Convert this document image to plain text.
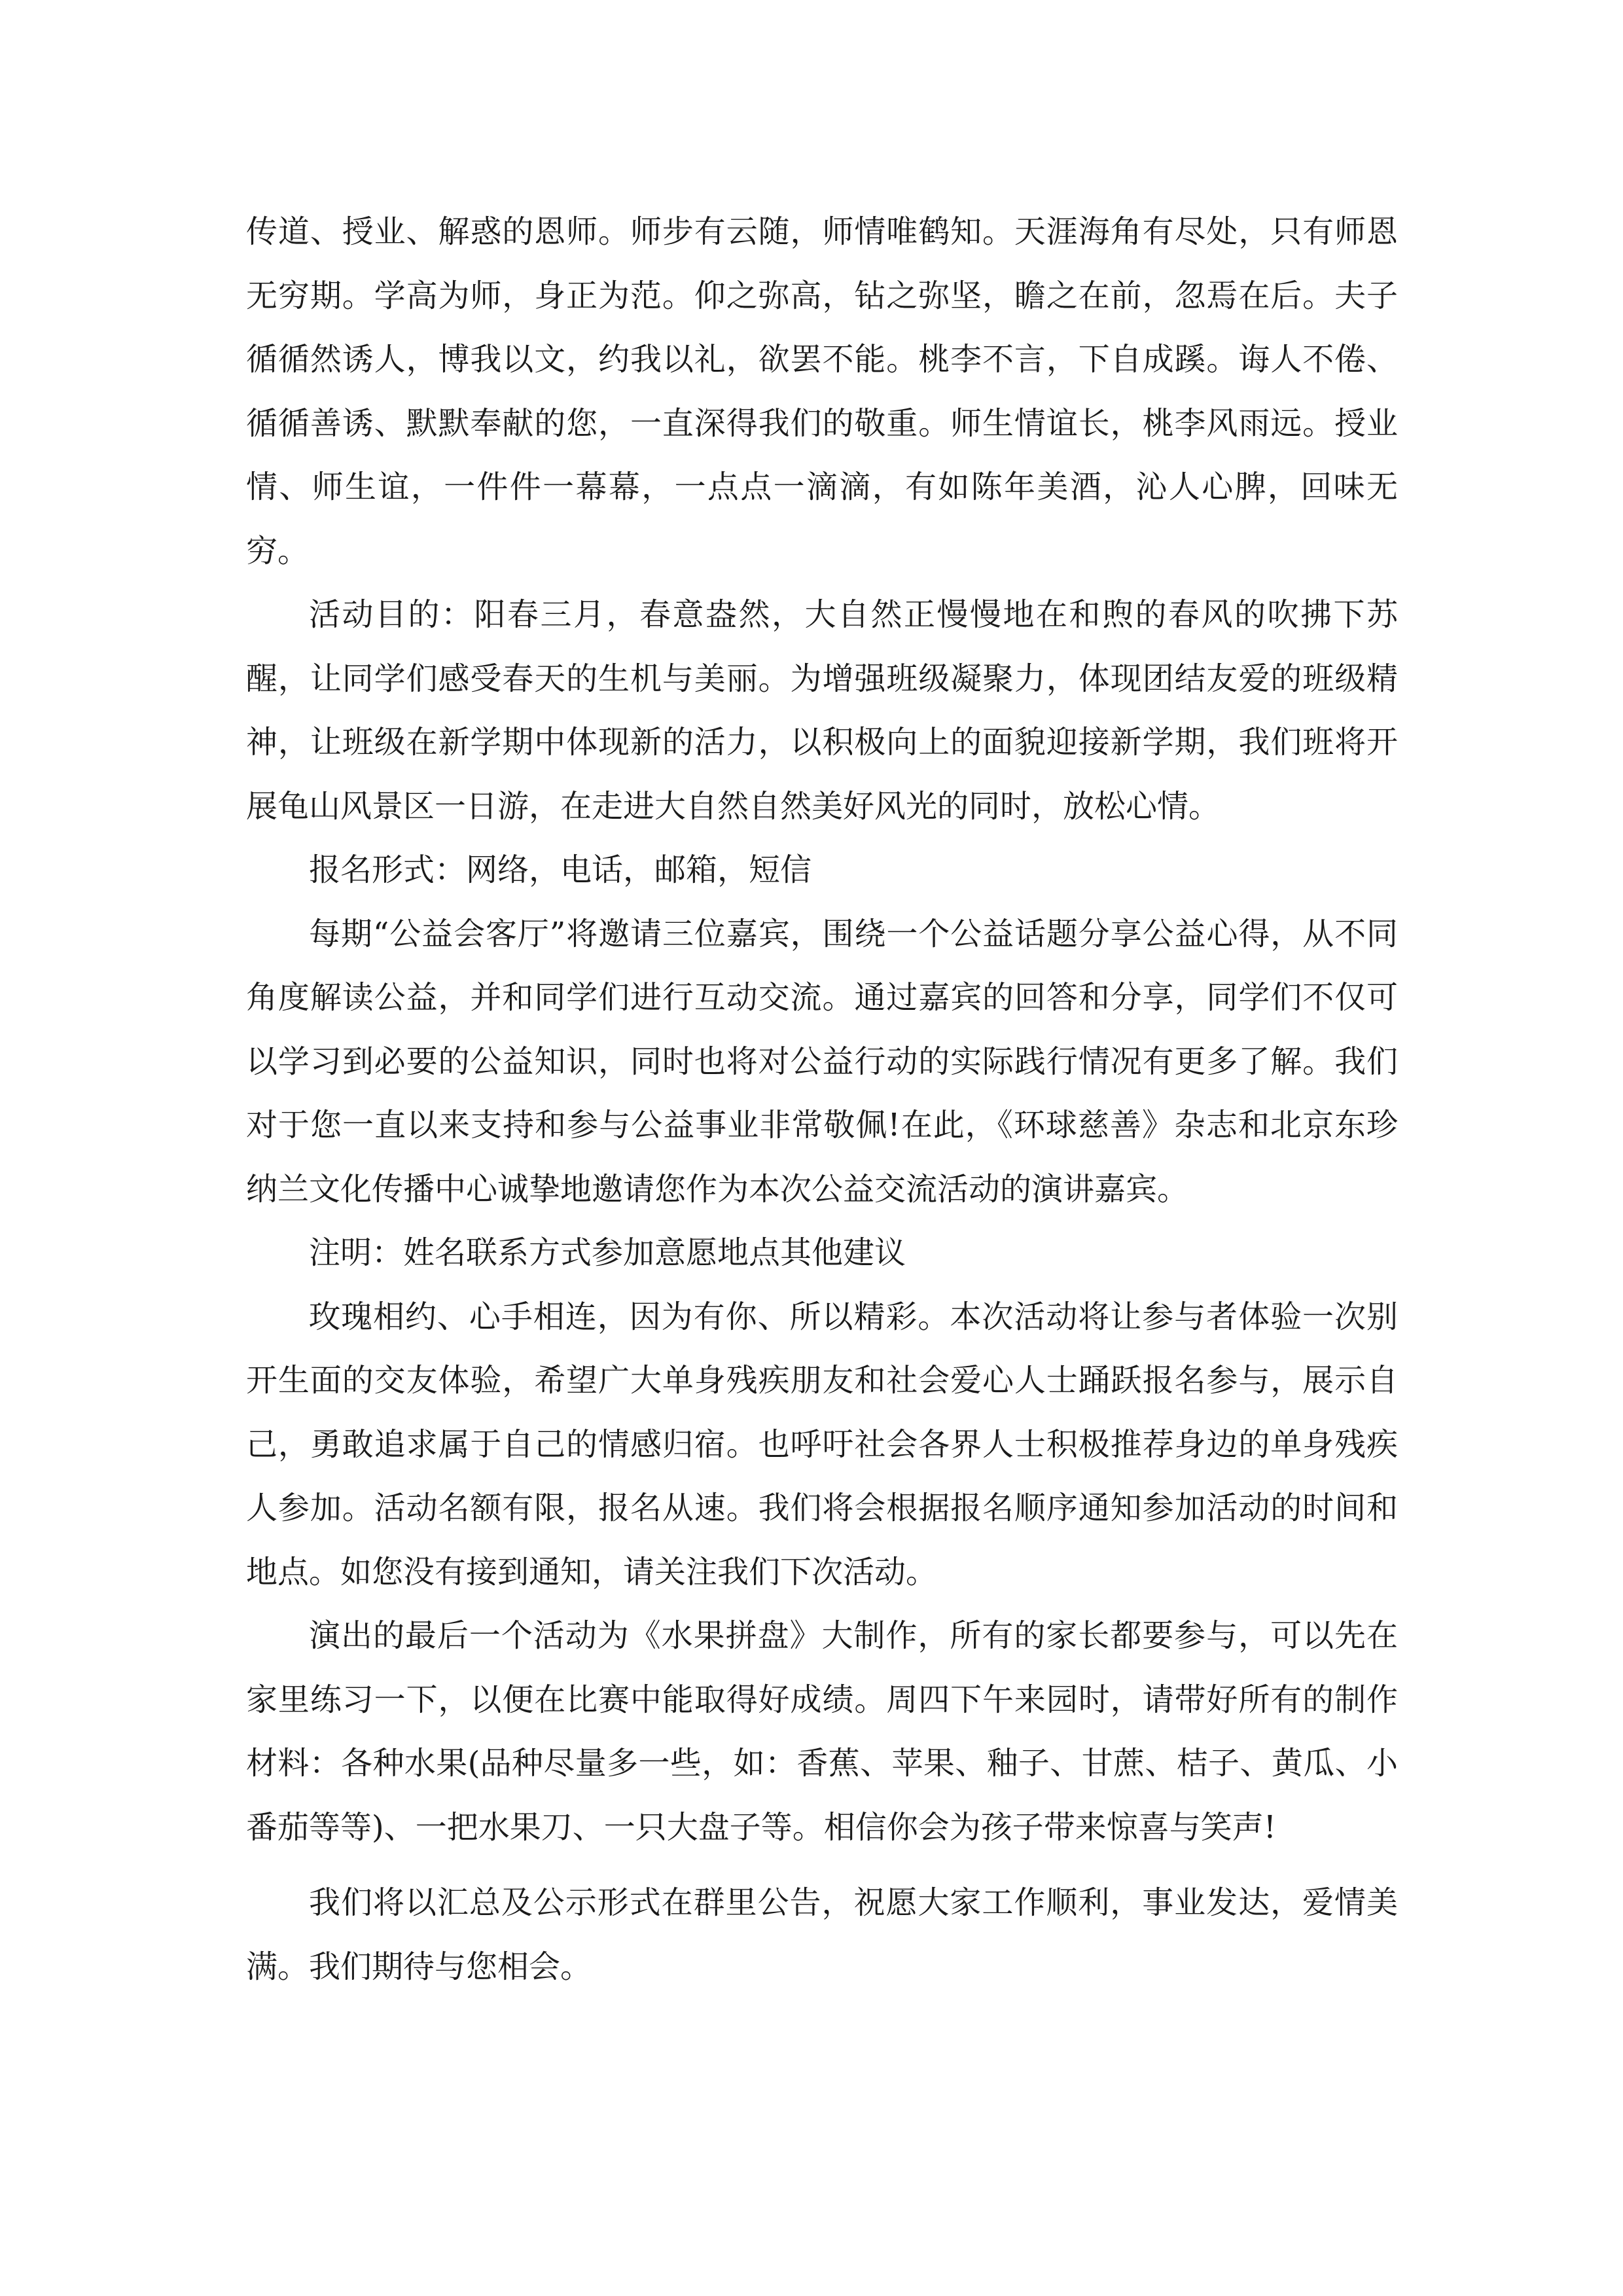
传道、授业、解惑的恩师。师步有云随，师情唯鹤知。天涯海角有尽处，只有师恩无穷期。学高为师，身正为范。仰之弥高，钻之弥坚，瞻之在前，忽焉在后。夫子循循然诱人，博我以文，约我以礼，欲罢不能。桃李不言，下自成蹊。诲人不倦、循循善诱、默默奉献的您，一直深得我们的敬重。师生情谊长，桃李风雨远。授业情、师生谊，一件件一幕幕，一点点一滴滴，有如陈年美酒，沁人心脾，回味无穷。

活动目的：阳春三月，春意盎然，大自然正慢慢地在和煦的春风的吹拂下苏醒，让同学们感受春天的生机与美丽。为增强班级凝聚力，体现团结友爱的班级精神，让班级在新学期中体现新的活力，以积极向上的面貌迎接新学期，我们班将开展龟山风景区一日游，在走进大自然自然美好风光的同时，放松心情。

报名形式：网络，电话，邮箱，短信

每期“公益会客厅”将邀请三位嘉宾，围绕一个公益话题分享公益心得，从不同角度解读公益，并和同学们进行互动交流。通过嘉宾的回答和分享，同学们不仅可以学习到必要的公益知识，同时也将对公益行动的实际践行情况有更多了解。我们对于您一直以来支持和参与公益事业非常敬佩!在此，《环球慈善》杂志和北京东珍纳兰文化传播中心诚挚地邀请您作为本次公益交流活动的演讲嘉宾。

注明：姓名联系方式参加意愿地点其他建议

玫瑰相约、心手相连，因为有你、所以精彩。本次活动将让参与者体验一次别开生面的交友体验，希望广大单身残疾朋友和社会爱心人士踊跃报名参与，展示自己，勇敢追求属于自己的情感归宿。也呼吁社会各界人士积极推荐身边的单身残疾人参加。活动名额有限，报名从速。我们将会根据报名顺序通知参加活动的时间和地点。如您没有接到通知，请关注我们下次活动。

演出的最后一个活动为《水果拼盘》大制作，所有的家长都要参与，可以先在家里练习一下，以便在比赛中能取得好成绩。周四下午来园时，请带好所有的制作材料：各种水果(品种尽量多一些，如：香蕉、苹果、釉子、甘蔗、桔子、黄瓜、小番茄等等)、一把水果刀、一只大盘子等。相信你会为孩子带来惊喜与笑声!

我们将以汇总及公示形式在群里公告，祝愿大家工作顺利，事业发达，爱情美满。我们期待与您相会。
